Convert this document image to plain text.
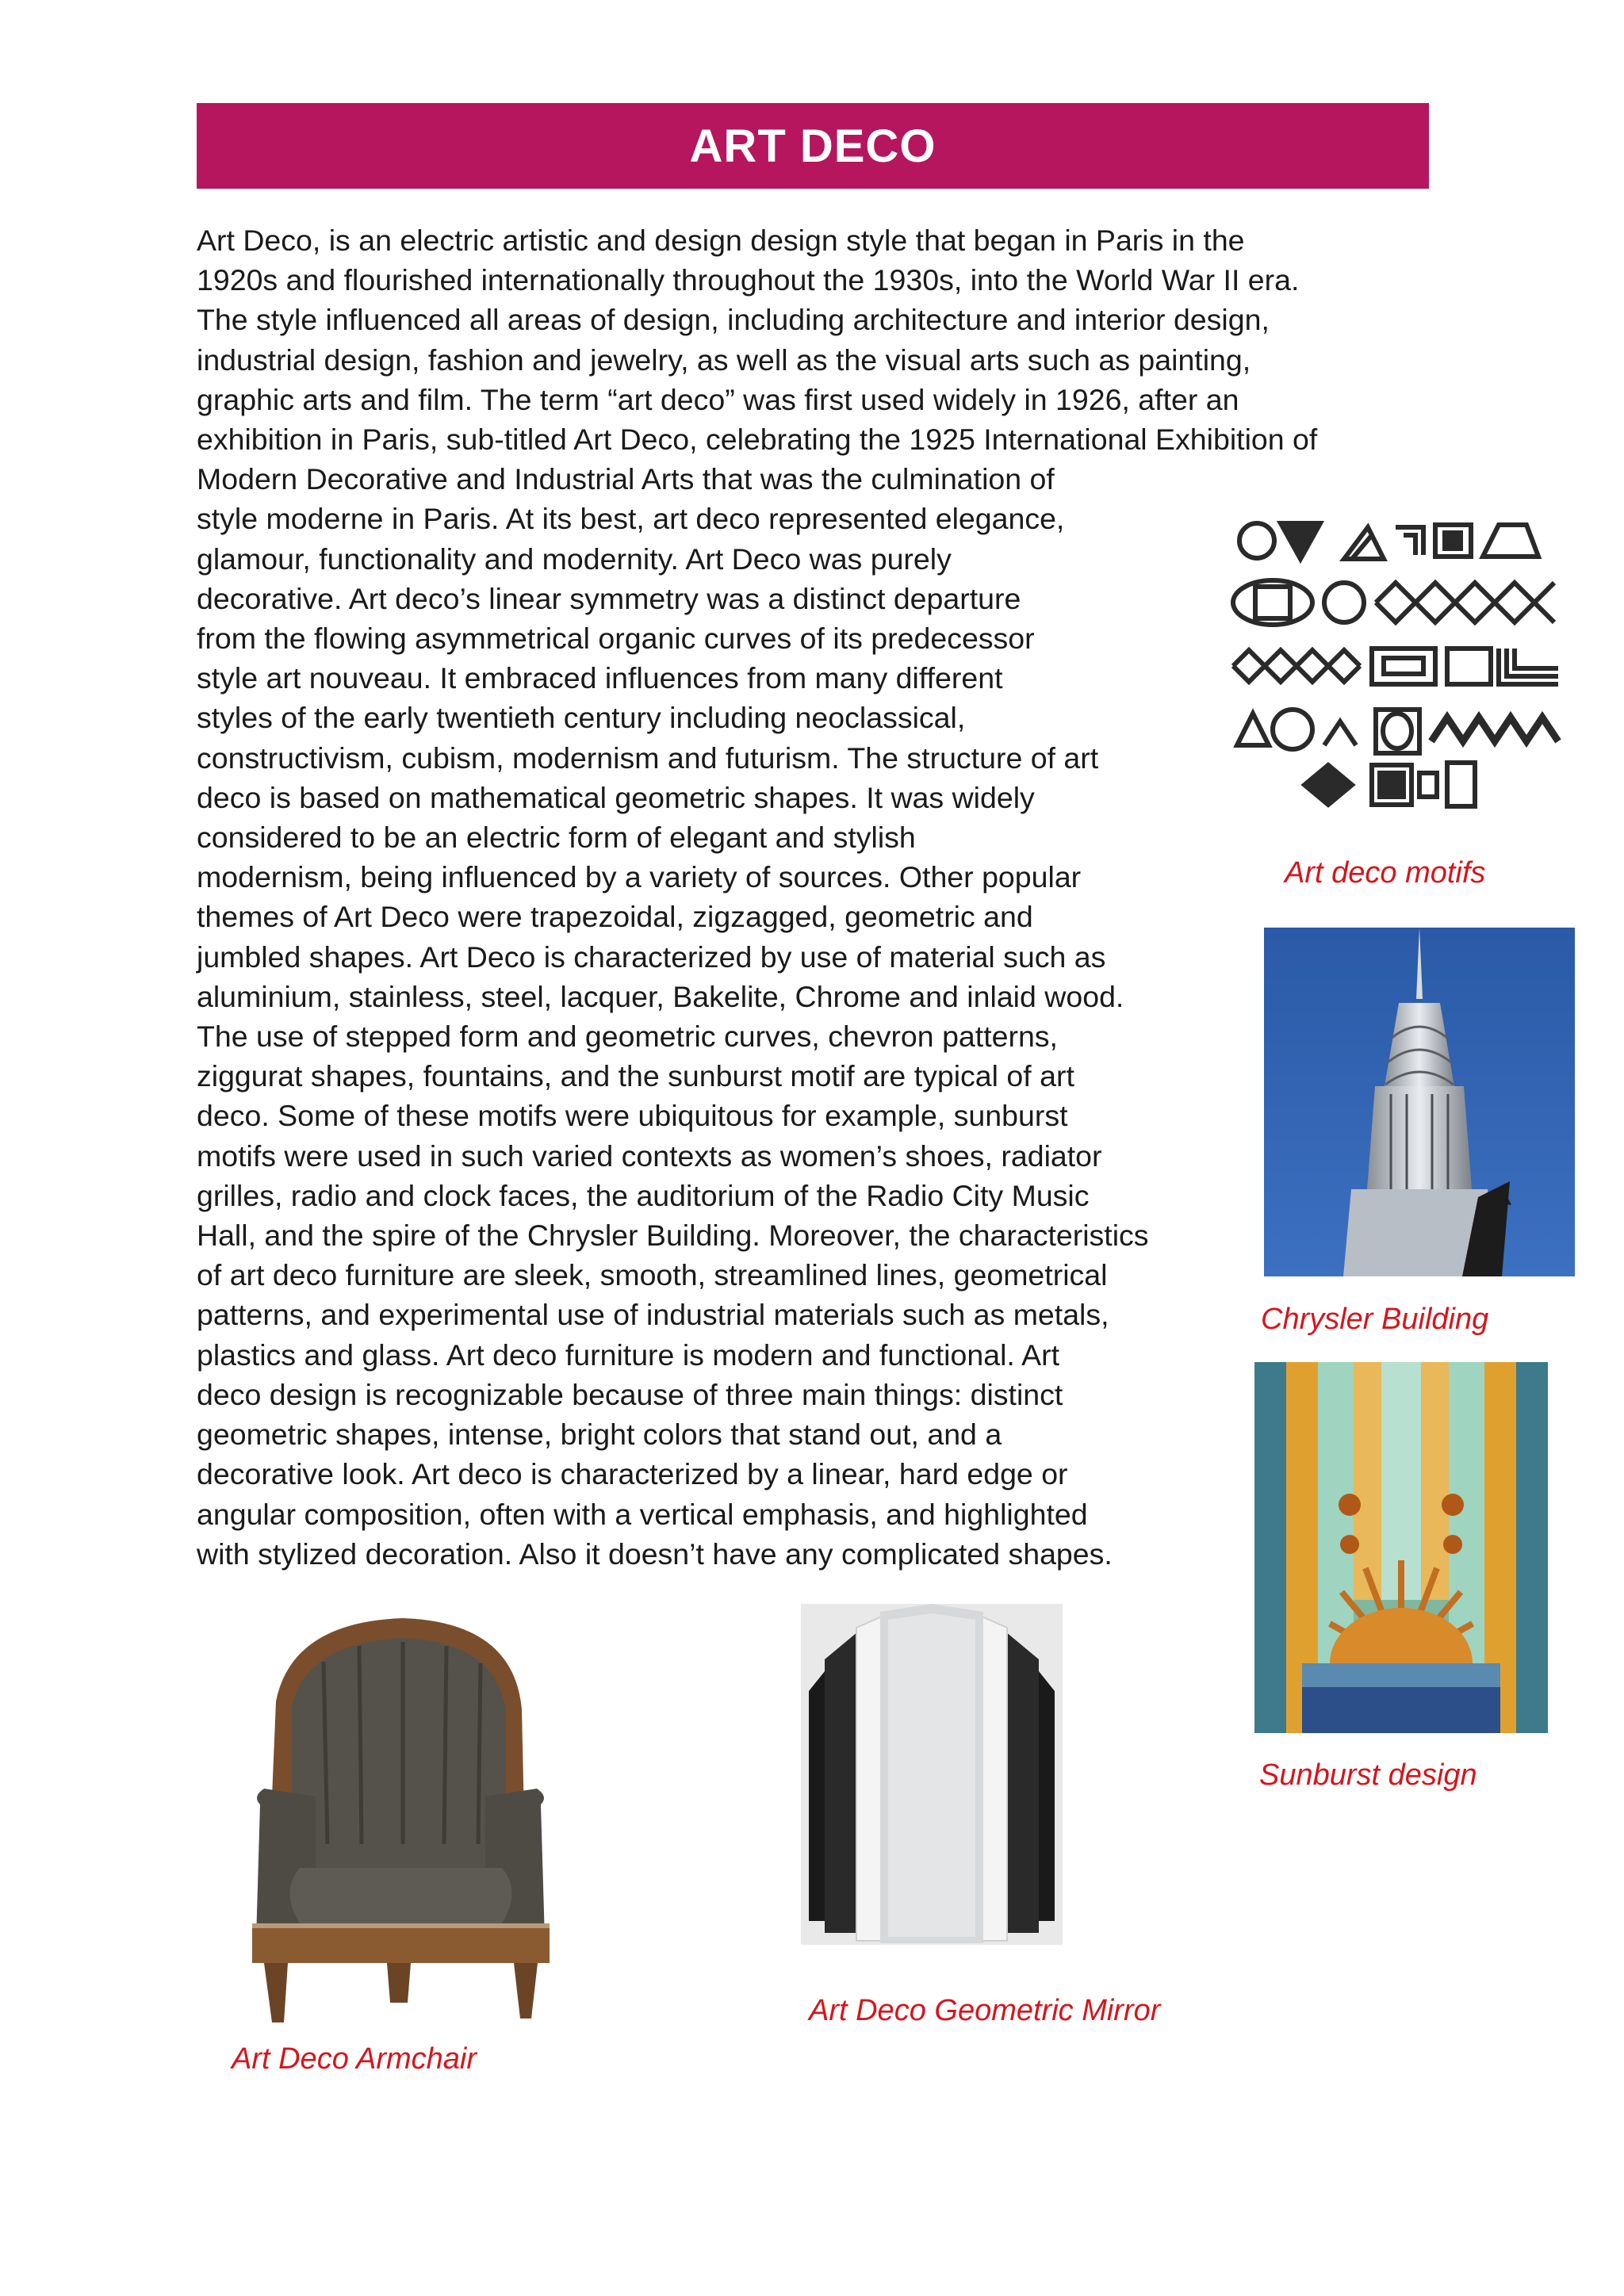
ART DECO
Art Deco, is an electric artistic and design design style that began in Paris in the
1920s and flourished internationally throughout the 1930s, into the World War II era.
The style influenced all areas of design, including architecture and interior design,
industrial design, fashion and jewelry, as well as the visual arts such as painting,
graphic arts and film. The term “art deco” was first used widely in 1926, after an
exhibition in Paris, sub-titled Art Deco, celebrating the 1925 International Exhibition of
Modern Decorative and Industrial Arts that was the culmination of
style moderne in Paris. At its best, art deco represented elegance,
glamour, functionality and modernity. Art Deco was purely
decorative. Art deco’s linear symmetry was a distinct departure
from the flowing asymmetrical organic curves of its predecessor
style art nouveau. It embraced influences from many different
styles of the early twentieth century including neoclassical,
constructivism, cubism, modernism and futurism. The structure of art
deco is based on mathematical geometric shapes. It was widely
considered to be an electric form of elegant and stylish
modernism, being influenced by a variety of sources. Other popular
themes of Art Deco were trapezoidal, zigzagged, geometric and
jumbled shapes. Art Deco is characterized by use of material such as
aluminium, stainless, steel, lacquer, Bakelite, Chrome and inlaid wood.
The use of stepped form and geometric curves, chevron patterns,
ziggurat shapes, fountains, and the sunburst motif are typical of art
deco. Some of these motifs were ubiquitous for example, sunburst
motifs were used in such varied contexts as women’s shoes, radiator
grilles, radio and clock faces, the auditorium of the Radio City Music
Hall, and the spire of the Chrysler Building. Moreover, the characteristics
of art deco furniture are sleek, smooth, streamlined lines, geometrical
patterns, and experimental use of industrial materials such as metals,
plastics and glass. Art deco furniture is modern and functional. Art
deco design is recognizable because of three main things: distinct
geometric shapes, intense, bright colors that stand out, and a
decorative look. Art deco is characterized by a linear, hard edge or
angular composition, often with a vertical emphasis, and highlighted
with stylized decoration. Also it doesn’t have any complicated shapes.
Art deco motifs
Chrysler Building
Sunburst design
Art Deco Armchair
Art Deco Geometric Mirror
